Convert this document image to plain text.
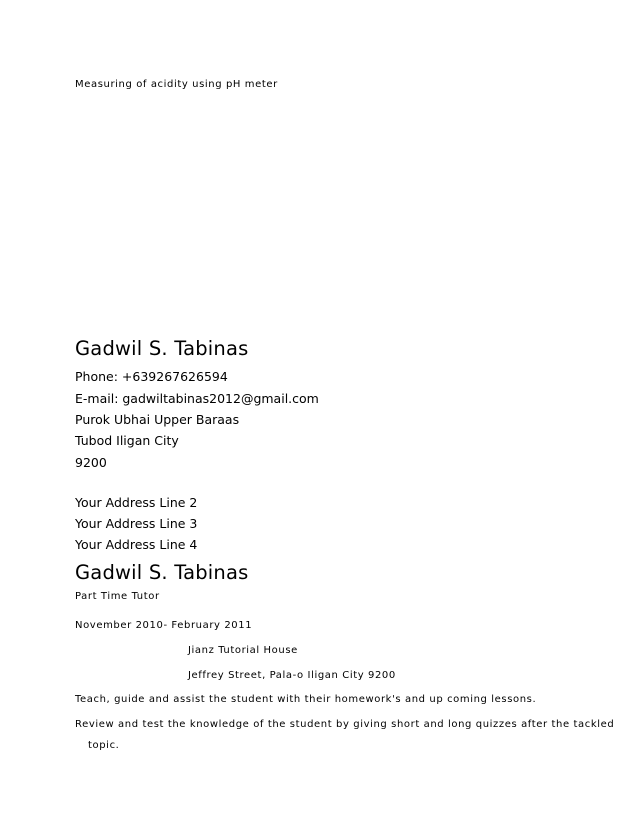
Measuring of acidity using pH meter
Gadwil S. Tabinas
Phone: +639267626594
E-mail: gadwiltabinas2012@gmail.com
Purok Ubhai Upper Baraas
Tubod Iligan City
9200
Your Address Line 2
Your Address Line 3
Your Address Line 4
Gadwil S. Tabinas
Part Time Tutor
November 2010- February 2011
Jianz Tutorial House
Jeffrey Street, Pala-o Iligan City 9200
Teach, guide and assist the student with their homework's and up coming lessons.
Review and test the knowledge of the student by giving short and long quizzes after the tackled
topic.
